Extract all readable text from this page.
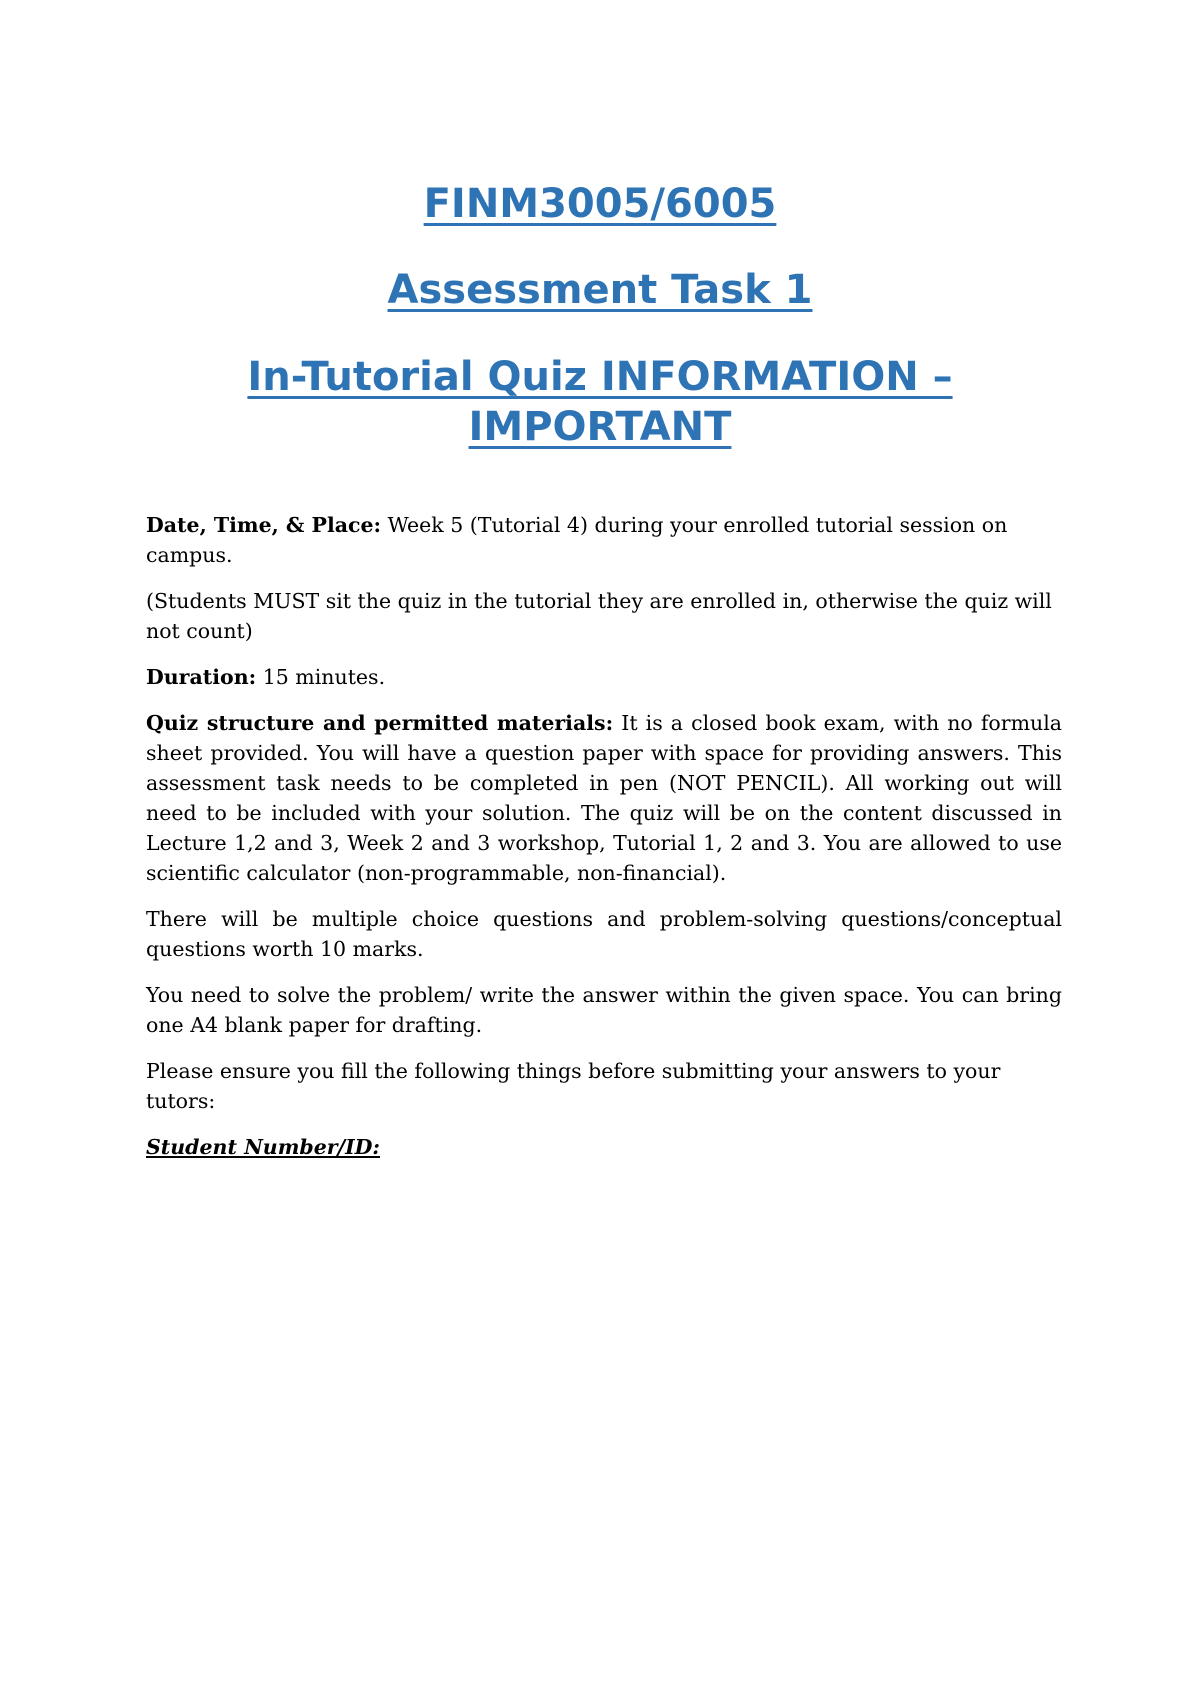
FINM3005/6005
Assessment Task 1
In-Tutorial Quiz INFORMATION – IMPORTANT

Date, Time, & Place: Week 5 (Tutorial 4) during your enrolled tutorial session on campus.

(Students MUST sit the quiz in the tutorial they are enrolled in, otherwise the quiz will not count)

Duration: 15 minutes.

Quiz structure and permitted materials: It is a closed book exam, with no formula sheet provided. You will have a question paper with space for providing answers. This assessment task needs to be completed in pen (NOT PENCIL). All working out will need to be included with your solution. The quiz will be on the content discussed in Lecture 1,2 and 3, Week 2 and 3 workshop, Tutorial 1, 2 and 3. You are allowed to use scientific calculator (non-programmable, non-financial).

There will be multiple choice questions and problem-solving questions/conceptual questions worth 10 marks.

You need to solve the problem/ write the answer within the given space. You can bring one A4 blank paper for drafting.

Please ensure you fill the following things before submitting your answers to your tutors:

Student Number/ID:
